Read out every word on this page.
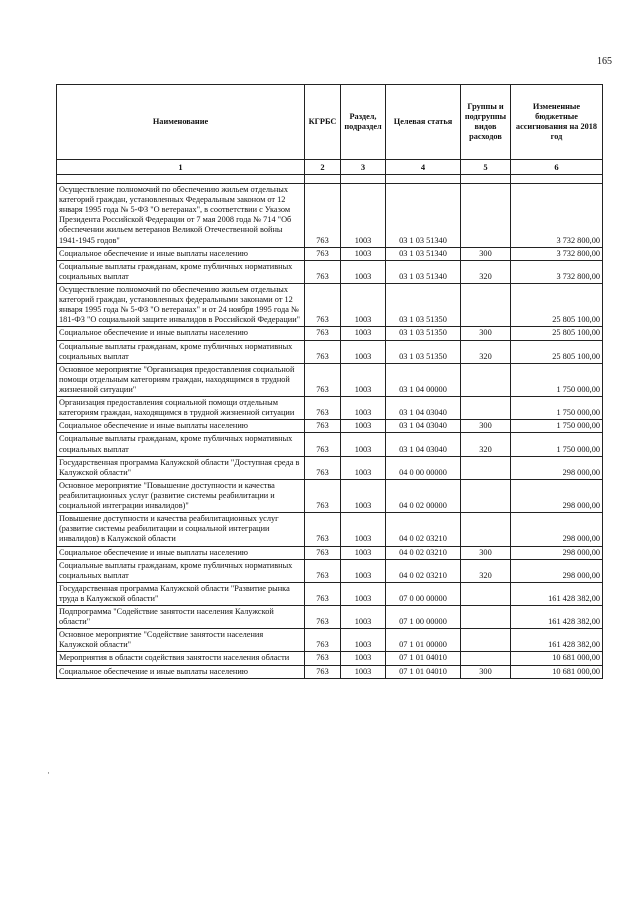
165
Наименование	КГРБС	Раздел, подраздел	Целевая статья	Группы и подгруппы видов расходов	Измененные бюджетные ассигнования на 2018 год
1	2	3	4	5	6

Осуществление полномочий по обеспечению жильем отдельных категорий граждан, установленных Федеральным законом от 12 января 1995 года № 5-ФЗ "О ветеранах", в соответствии с Указом Президента Российской Федерации от 7 мая 2008 года № 714 "Об обеспечении жильем ветеранов Великой Отечественной войны 1941-1945 годов"	763	1003	03 1 03 51340		3 732 800,00
Социальное обеспечение и иные выплаты населению	763	1003	03 1 03 51340	300	3 732 800,00
Социальные выплаты гражданам, кроме публичных нормативных социальных выплат	763	1003	03 1 03 51340	320	3 732 800,00
Осуществление полномочий по обеспечению жильем отдельных категорий граждан, установленных федеральными законами от 12 января 1995 года № 5-ФЗ "О ветеранах" и от 24 ноября 1995 года № 181-ФЗ "О социальной защите инвалидов в Российской Федерации"	763	1003	03 1 03 51350		25 805 100,00
Социальное обеспечение и иные выплаты населению	763	1003	03 1 03 51350	300	25 805 100,00
Социальные выплаты гражданам, кроме публичных нормативных социальных выплат	763	1003	03 1 03 51350	320	25 805 100,00
Основное мероприятие "Организация предоставления социальной помощи отдельным категориям граждан, находящимся в трудной жизненной ситуации"	763	1003	03 1 04 00000		1 750 000,00
Организация предоставления социальной помощи отдельным категориям граждан, находящимся в трудной жизненной ситуации	763	1003	03 1 04 03040		1 750 000,00
Социальное обеспечение и иные выплаты населению	763	1003	03 1 04 03040	300	1 750 000,00
Социальные выплаты гражданам, кроме публичных нормативных социальных выплат	763	1003	03 1 04 03040	320	1 750 000,00
Государственная программа Калужской области "Доступная среда в Калужской области"	763	1003	04 0 00 00000		298 000,00
Основное мероприятие "Повышение доступности и качества реабилитационных услуг (развитие системы реабилитации и социальной интеграции инвалидов)"	763	1003	04 0 02 00000		298 000,00
Повышение доступности и качества реабилитационных услуг (развитие системы реабилитации и социальной интеграции инвалидов) в Калужской области	763	1003	04 0 02 03210		298 000,00
Социальное обеспечение и иные выплаты населению	763	1003	04 0 02 03210	300	298 000,00
Социальные выплаты гражданам, кроме публичных нормативных социальных выплат	763	1003	04 0 02 03210	320	298 000,00
Государственная программа Калужской области "Развитие рынка труда в Калужской области"	763	1003	07 0 00 00000		161 428 382,00
Подпрограмма "Содействие занятости населения Калужской области"	763	1003	07 1 00 00000		161 428 382,00
Основное мероприятие "Содействие занятости населения Калужской области"	763	1003	07 1 01 00000		161 428 382,00
Мероприятия в области содействия занятости населения области	763	1003	07 1 01 04010		10 681 000,00
Социальное обеспечение и иные выплаты населению	763	1003	07 1 01 04010	300	10 681 000,00
·
